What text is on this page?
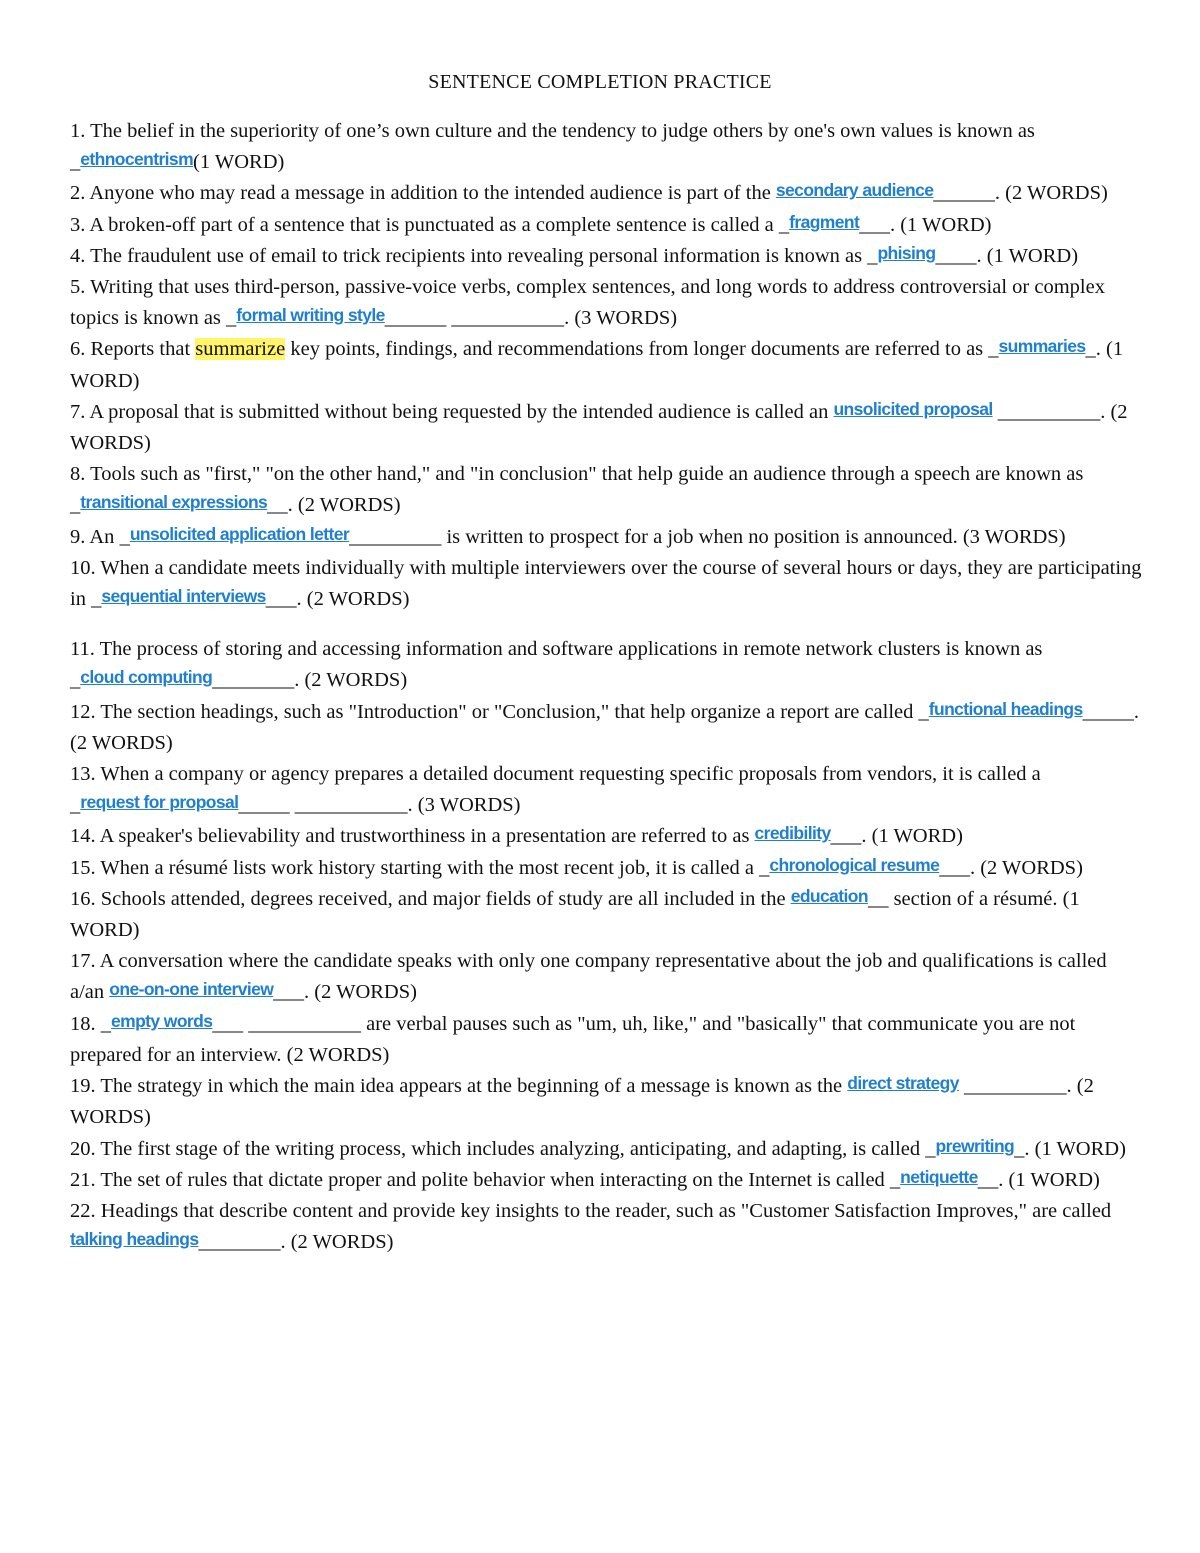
SENTENCE COMPLETION PRACTICE

1. The belief in the superiority of one’s own culture and the tendency to judge others by one's own values is known as _ethnocentrism(1 WORD)

2. Anyone who may read a message in addition to the intended audience is part of the secondary audience______. (2 WORDS)

3. A broken-off part of a sentence that is punctuated as a complete sentence is called a _fragment___. (1 WORD)

4. The fraudulent use of email to trick recipients into revealing personal information is known as _phising____. (1 WORD)

5. Writing that uses third-person, passive-voice verbs, complex sentences, and long words to address controversial or complex topics is known as _formal writing style______ ___________. (3 WORDS)

6. Reports that summarize key points, findings, and recommendations from longer documents are referred to as _summaries_. (1 WORD)

7. A proposal that is submitted without being requested by the intended audience is called an unsolicited proposal __________. (2 WORDS)

8. Tools such as "first," "on the other hand," and "in conclusion" that help guide an audience through a speech are known as _transitional expressions__. (2 WORDS)

9. An _unsolicited application letter_________ is written to prospect for a job when no position is announced. (3 WORDS)

10. When a candidate meets individually with multiple interviewers over the course of several hours or days, they are participating in _sequential interviews___. (2 WORDS)

11. The process of storing and accessing information and software applications in remote network clusters is known as _cloud computing________. (2 WORDS)

12. The section headings, such as "Introduction" or "Conclusion," that help organize a report are called _functional headings_____. (2 WORDS)

13. When a company or agency prepares a detailed document requesting specific proposals from vendors, it is called a _request for proposal_____ ___________. (3 WORDS)

14. A speaker's believability and trustworthiness in a presentation are referred to as credibility___. (1 WORD)

15. When a résumé lists work history starting with the most recent job, it is called a _chronological resume___. (2 WORDS)

16. Schools attended, degrees received, and major fields of study are all included in the education__ section of a résumé. (1 WORD)

17. A conversation where the candidate speaks with only one company representative about the job and qualifications is called a/an one-on-one interview___. (2 WORDS)

18. _empty words___ ___________ are verbal pauses such as "um, uh, like," and "basically" that communicate you are not prepared for an interview. (2 WORDS)

19. The strategy in which the main idea appears at the beginning of a message is known as the direct strategy __________. (2 WORDS)

20. The first stage of the writing process, which includes analyzing, anticipating, and adapting, is called _prewriting_. (1 WORD)

21. The set of rules that dictate proper and polite behavior when interacting on the Internet is called _netiquette__. (1 WORD)

22. Headings that describe content and provide key insights to the reader, such as "Customer Satisfaction Improves," are called talking headings________. (2 WORDS)
